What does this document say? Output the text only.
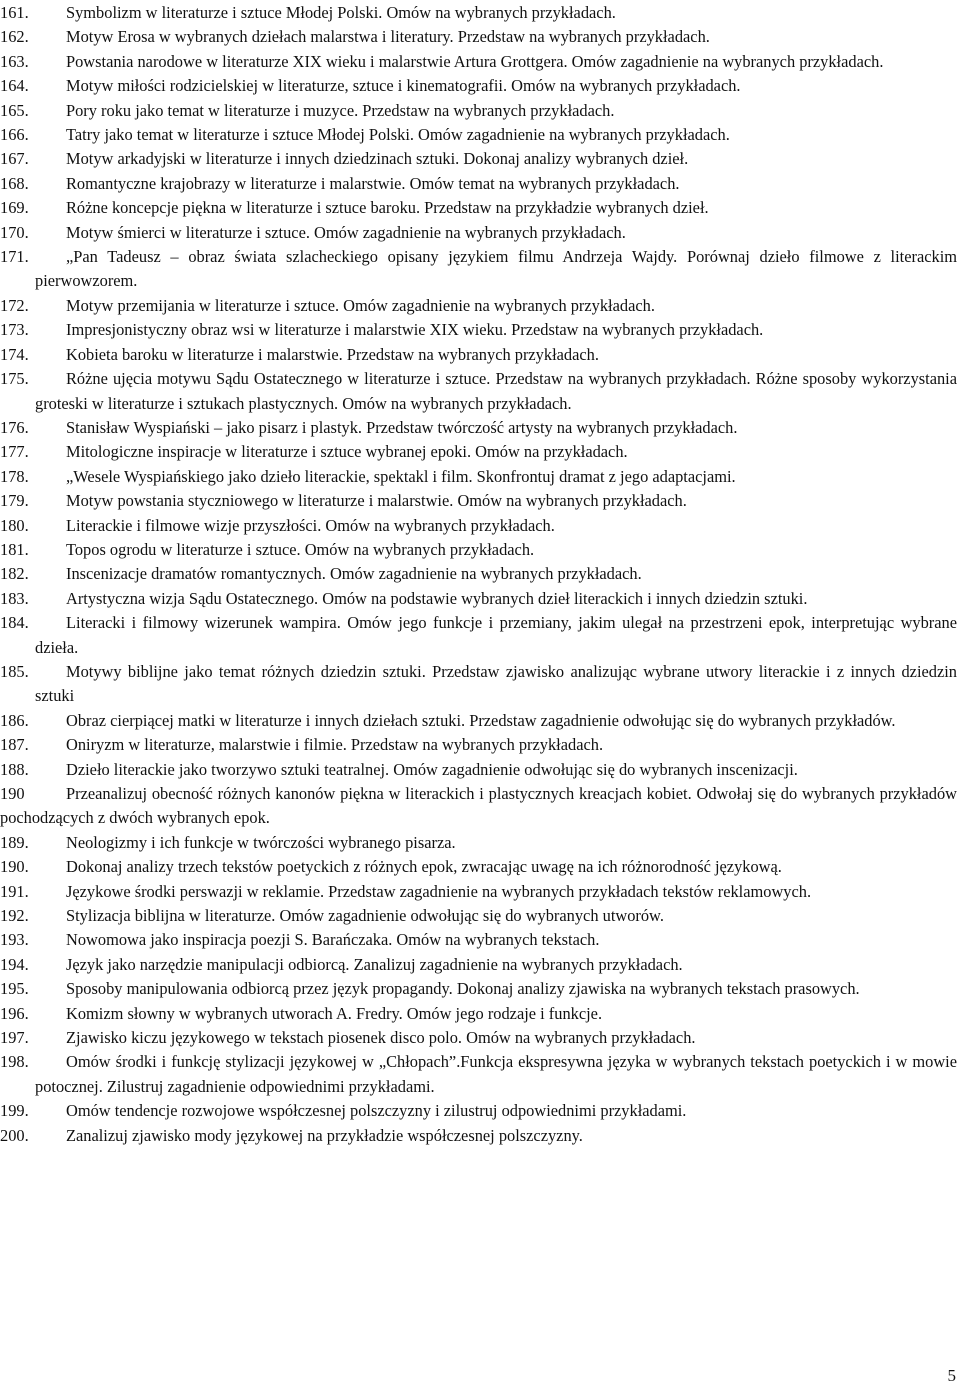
161. Symbolizm w literaturze i sztuce Młodej Polski. Omów na wybranych przykładach.
162. Motyw Erosa w wybranych dziełach malarstwa i literatury. Przedstaw na wybranych przykładach.
163. Powstania narodowe w literaturze XIX wieku i malarstwie Artura Grottgera. Omów zagadnienie na wybranych przykładach.
164. Motyw miłości rodzicielskiej w literaturze, sztuce i kinematografii. Omów na wybranych przykładach.
165. Pory roku jako temat w literaturze i muzyce. Przedstaw na wybranych przykładach.
166. Tatry jako temat w literaturze i sztuce Młodej Polski. Omów zagadnienie na wybranych przykładach.
167. Motyw arkadyjski w literaturze i innych dziedzinach sztuki. Dokonaj analizy wybranych dzieł.
168. Romantyczne krajobrazy w literaturze i malarstwie. Omów temat na wybranych przykładach.
169. Różne koncepcje piękna w literaturze i sztuce baroku. Przedstaw na przykładzie wybranych dzieł.
170. Motyw śmierci w literaturze i sztuce. Omów zagadnienie na wybranych przykładach.
171. „Pan Tadeusz – obraz świata szlacheckiego opisany językiem filmu Andrzeja Wajdy. Porównaj dzieło filmowe z literackim pierwowzorem.
172. Motyw przemijania w literaturze i sztuce. Omów zagadnienie na wybranych przykładach.
173. Impresjonistyczny obraz wsi w literaturze i malarstwie XIX wieku. Przedstaw na wybranych przykładach.
174. Kobieta baroku w literaturze i malarstwie. Przedstaw na wybranych przykładach.
175. Różne ujęcia motywu Sądu Ostatecznego w literaturze i sztuce. Przedstaw na wybranych przykładach. Różne sposoby wykorzystania groteski w literaturze i sztukach plastycznych. Omów na wybranych przykładach.
176. Stanisław Wyspiański – jako pisarz i plastyk. Przedstaw twórczość artysty na wybranych przykładach.
177. Mitologiczne inspiracje w literaturze i sztuce wybranej epoki. Omów na przykładach.
178. „Wesele Wyspiańskiego jako dzieło literackie, spektakl i film. Skonfrontuj dramat z jego adaptacjami.
179. Motyw powstania styczniowego w literaturze i malarstwie. Omów na wybranych przykładach.
180. Literackie i filmowe wizje przyszłości. Omów na wybranych przykładach.
181. Topos ogrodu w literaturze i sztuce. Omów na wybranych przykładach.
182. Inscenizacje dramatów romantycznych. Omów zagadnienie na wybranych przykładach.
183. Artystyczna wizja Sądu Ostatecznego. Omów na podstawie wybranych dzieł literackich i innych dziedzin sztuki.
184. Literacki i filmowy wizerunek wampira. Omów jego funkcje i przemiany, jakim ulegał na przestrzeni epok, interpretując wybrane dzieła.
185. Motywy biblijne jako temat różnych dziedzin sztuki. Przedstaw zjawisko analizując wybrane utwory literackie i z innych dziedzin sztuki
186. Obraz cierpiącej matki w literaturze i innych dziełach sztuki. Przedstaw zagadnienie odwołując się do wybranych przykładów.
187. Oniryzm w literaturze, malarstwie i filmie. Przedstaw na wybranych przykładach.
188. Dzieło literackie jako tworzywo sztuki teatralnej. Omów zagadnienie odwołując się do wybranych inscenizacji.
190	Przeanalizuj obecność różnych kanonów piękna w literackich i plastycznych kreacjach kobiet. Odwołaj się do wybranych przykładów pochodzących z dwóch wybranych epok.
189. Neologizmy i ich funkcje w twórczości wybranego pisarza.
190. Dokonaj analizy trzech tekstów poetyckich z różnych epok, zwracając uwagę na ich różnorodność językową.
191. Językowe środki perswazji w reklamie. Przedstaw zagadnienie na wybranych przykładach tekstów reklamowych.
192. Stylizacja biblijna w literaturze. Omów zagadnienie odwołując się do wybranych utworów.
193. Nowomowa jako inspiracja poezji S. Barańczaka. Omów na wybranych tekstach.
194. Język jako narzędzie manipulacji odbiorcą. Zanalizuj zagadnienie na wybranych przykładach.
195. Sposoby manipulowania odbiorcą przez język propagandy. Dokonaj analizy zjawiska na wybranych tekstach prasowych.
196. Komizm słowny w wybranych utworach A. Fredry. Omów jego rodzaje i funkcje.
197. Zjawisko kiczu językowego w tekstach piosenek disco polo. Omów na wybranych przykładach.
198. Omów środki i funkcję stylizacji językowej w „Chłopach”.Funkcja ekspresywna języka w wybranych tekstach poetyckich i w mowie potocznej. Zilustruj zagadnienie odpowiednimi przykładami.
199. Omów tendencje rozwojowe współczesnej polszczyzny i zilustruj odpowiednimi przykładami.
200. Zanalizuj zjawisko mody językowej na przykładzie współczesnej polszczyzny.
5
